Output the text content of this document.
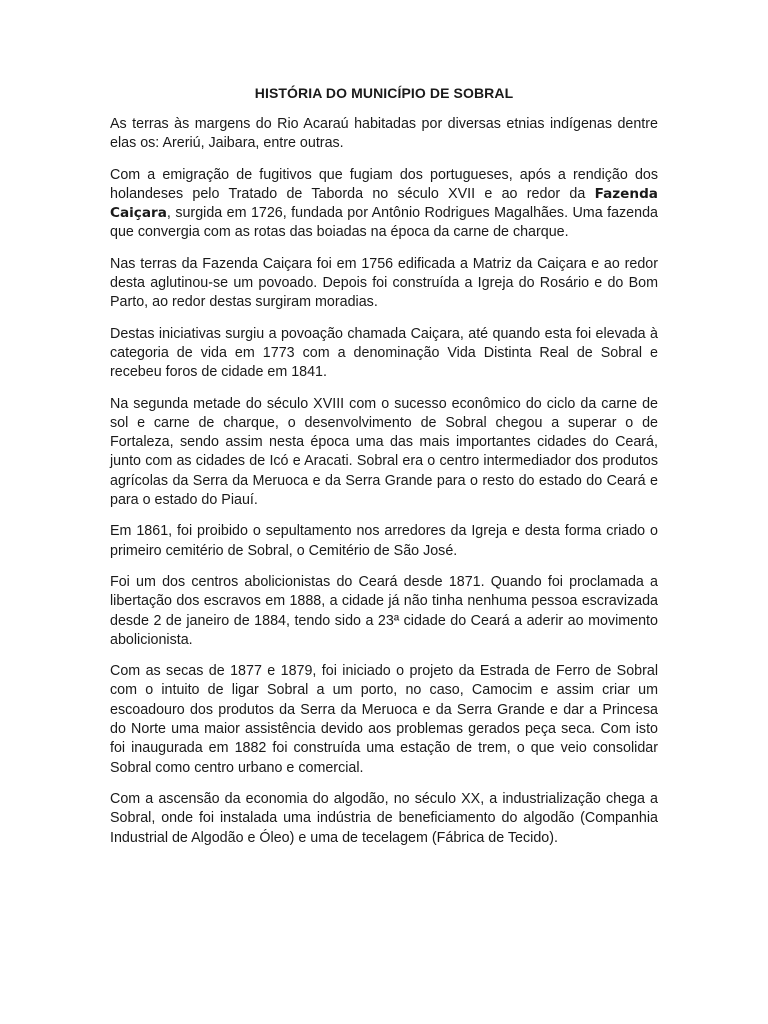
HISTÓRIA DO MUNICÍPIO DE SOBRAL

As terras às margens do Rio Acaraú habitadas por diversas etnias indígenas dentre elas os: Areriú, Jaibara, entre outras.

Com a emigração de fugitivos que fugiam dos portugueses, após a rendição dos holandeses pelo Tratado de Taborda no século XVII e ao redor da Fazenda Caiçara, surgida em 1726, fundada por Antônio Rodrigues Magalhães. Uma fazenda que convergia com as rotas das boiadas na época da carne de charque.

Nas terras da Fazenda Caiçara foi em 1756 edificada a Matriz da Caiçara e ao redor desta aglutinou-se um povoado. Depois foi construída a Igreja do Rosário e do Bom Parto, ao redor destas surgiram moradias.

Destas iniciativas surgiu a povoação chamada Caiçara, até quando esta foi elevada à categoria de vida em 1773 com a denominação Vida Distinta Real de Sobral e recebeu foros de cidade em 1841.

Na segunda metade do século XVIII com o sucesso econômico do ciclo da carne de sol e carne de charque, o desenvolvimento de Sobral chegou a superar o de Fortaleza, sendo assim nesta época uma das mais importantes cidades do Ceará, junto com as cidades de Icó e Aracati. Sobral era o centro intermediador dos produtos agrícolas da Serra da Meruoca e da Serra Grande para o resto do estado do Ceará e para o estado do Piauí.

Em 1861, foi proibido o sepultamento nos arredores da Igreja e desta forma criado o primeiro cemitério de Sobral, o Cemitério de São José.

Foi um dos centros abolicionistas do Ceará desde 1871. Quando foi proclamada a libertação dos escravos em 1888, a cidade já não tinha nenhuma pessoa escravizada desde 2 de janeiro de 1884, tendo sido a 23ª cidade do Ceará a aderir ao movimento abolicionista.

Com as secas de 1877 e 1879, foi iniciado o projeto da Estrada de Ferro de Sobral com o intuito de ligar Sobral a um porto, no caso, Camocim e assim criar um escoadouro dos produtos da Serra da Meruoca e da Serra Grande e dar a Princesa do Norte uma maior assistência devido aos problemas gerados peça seca. Com isto foi inaugurada em 1882 foi construída uma estação de trem, o que veio consolidar Sobral como centro urbano e comercial.

Com a ascensão da economia do algodão, no século XX, a industrialização chega a Sobral, onde foi instalada uma indústria de beneficiamento do algodão (Companhia Industrial de Algodão e Óleo) e uma de tecelagem (Fábrica de Tecido).
